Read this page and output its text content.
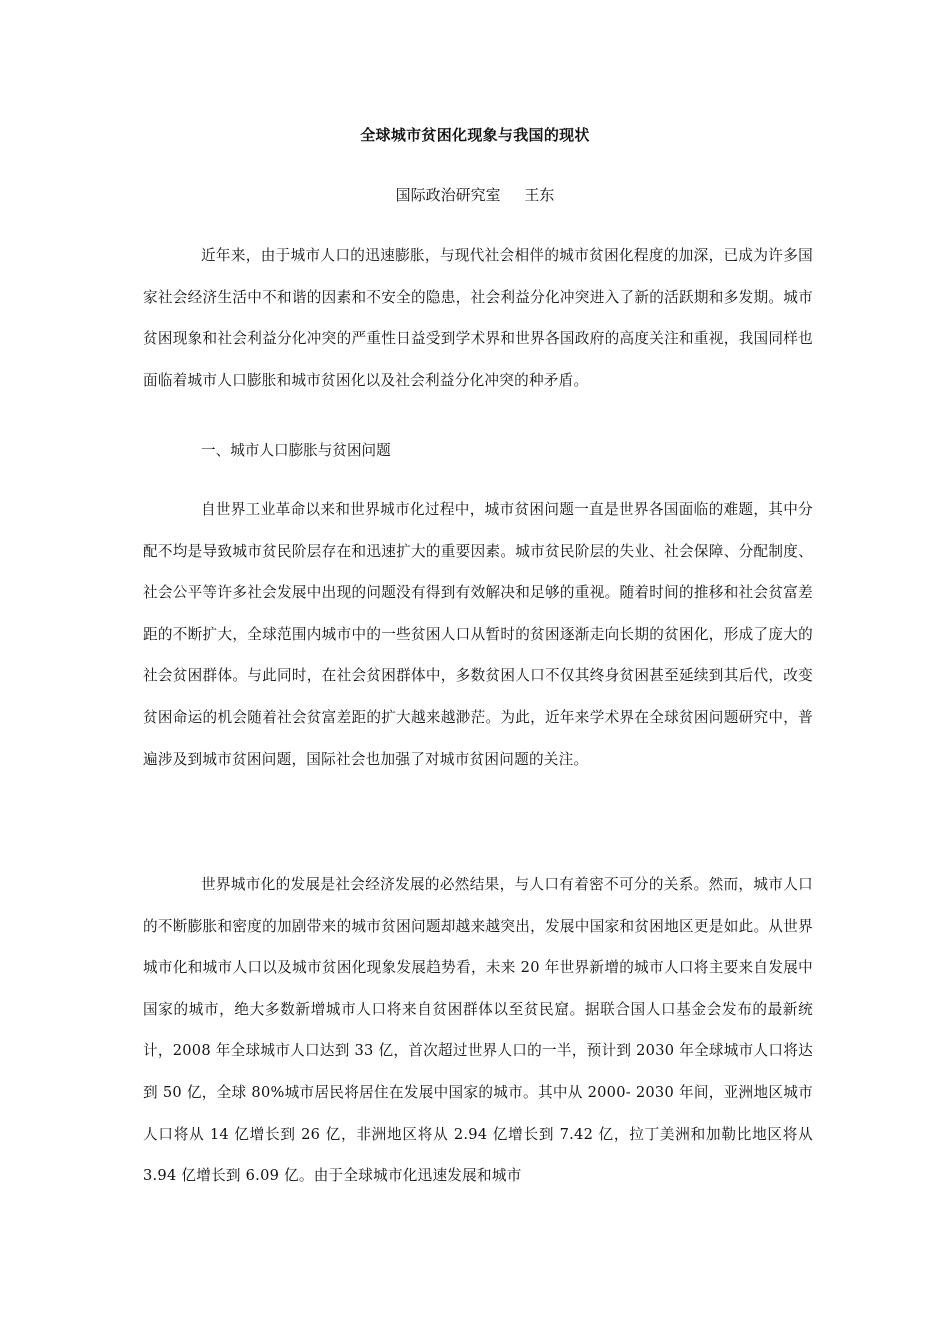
全球城市贫困化现象与我国的现状
国际政治研究室     王东

近年来，由于城市人口的迅速膨胀，与现代社会相伴的城市贫困化程度的加深，已成为许多国家社会经济生活中不和谐的因素和不安全的隐患，社会利益分化冲突进入了新的活跃期和多发期。城市贫困现象和社会利益分化冲突的严重性日益受到学术界和世界各国政府的高度关注和重视，我国同样也面临着城市人口膨胀和城市贫困化以及社会利益分化冲突的种矛盾。

一、城市人口膨胀与贫困问题

自世界工业革命以来和世界城市化过程中，城市贫困问题一直是世界各国面临的难题，其中分配不均是导致城市贫民阶层存在和迅速扩大的重要因素。城市贫民阶层的失业、社会保障、分配制度、社会公平等许多社会发展中出现的问题没有得到有效解决和足够的重视。随着时间的推移和社会贫富差距的不断扩大，全球范围内城市中的一些贫困人口从暂时的贫困逐渐走向长期的贫困化，形成了庞大的社会贫困群体。与此同时，在社会贫困群体中，多数贫困人口不仅其终身贫困甚至延续到其后代，改变贫困命运的机会随着社会贫富差距的扩大越来越渺茫。为此，近年来学术界在全球贫困问题研究中，普遍涉及到城市贫困问题，国际社会也加强了对城市贫困问题的关注。

世界城市化的发展是社会经济发展的必然结果，与人口有着密不可分的关系。然而，城市人口的不断膨胀和密度的加剧带来的城市贫困问题却越来越突出，发展中国家和贫困地区更是如此。从世界城市化和城市人口以及城市贫困化现象发展趋势看，未来 20 年世界新增的城市人口将主要来自发展中国家的城市，绝大多数新增城市人口将来自贫困群体以至贫民窟。据联合国人口基金会发布的最新统计，2008 年全球城市人口达到 33 亿，首次超过世界人口的一半，预计到 2030 年全球城市人口将达到 50 亿，全球 80%城市居民将居住在发展中国家的城市。其中从 2000- 2030 年间，亚洲地区城市人口将从 14 亿增长到 26 亿，非洲地区将从 2.94 亿增长到 7.42 亿，拉丁美洲和加勒比地区将从 3.94 亿增长到 6.09 亿。由于全球城市化迅速发展和城市
